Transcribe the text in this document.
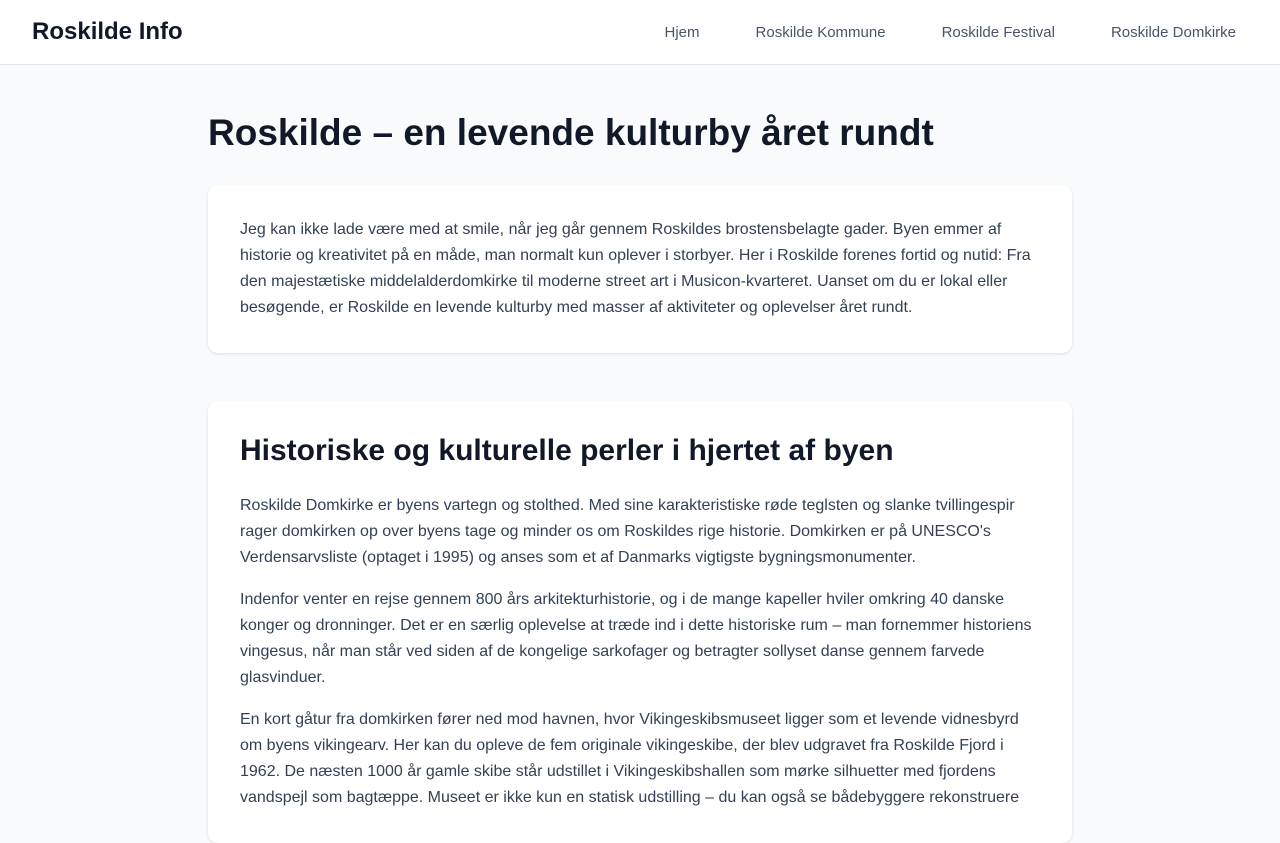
Roskilde Info	Hjem	Roskilde Kommune	Roskilde Festival	Roskilde Domkirke
Roskilde – en levende kulturby året rundt

Jeg kan ikke lade være med at smile, når jeg går gennem Roskildes brostensbelagte gader. Byen emmer af historie og kreativitet på en måde, man normalt kun oplever i storbyer. Her i Roskilde forenes fortid og nutid: Fra den majestætiske middelalderdomkirke til moderne street art i Musicon-kvarteret. Uanset om du er lokal eller besøgende, er Roskilde en levende kulturby med masser af aktiviteter og oplevelser året rundt.

Historiske og kulturelle perler i hjertet af byen

Roskilde Domkirke er byens vartegn og stolthed. Med sine karakteristiske røde teglsten og slanke tvillingespir rager domkirken op over byens tage og minder os om Roskildes rige historie. Domkirken er på UNESCO's Verdensarvsliste (optaget i 1995) og anses som et af Danmarks vigtigste bygningsmonumenter.

Indenfor venter en rejse gennem 800 års arkitekturhistorie, og i de mange kapeller hviler omkring 40 danske konger og dronninger. Det er en særlig oplevelse at træde ind i dette historiske rum – man fornemmer historiens vingesus, når man står ved siden af de kongelige sarkofager og betragter sollyset danse gennem farvede glasvinduer.

En kort gåtur fra domkirken fører ned mod havnen, hvor Vikingeskibsmuseet ligger som et levende vidnesbyrd om byens vikingearv. Her kan du opleve de fem originale vikingeskibe, der blev udgravet fra Roskilde Fjord i 1962. De næsten 1000 år gamle skibe står udstillet i Vikingeskibshallen som mørke silhuetter med fjordens vandspejl som bagtæppe. Museet er ikke kun en statisk udstilling – du kan også se bådebyggere rekonstruere
